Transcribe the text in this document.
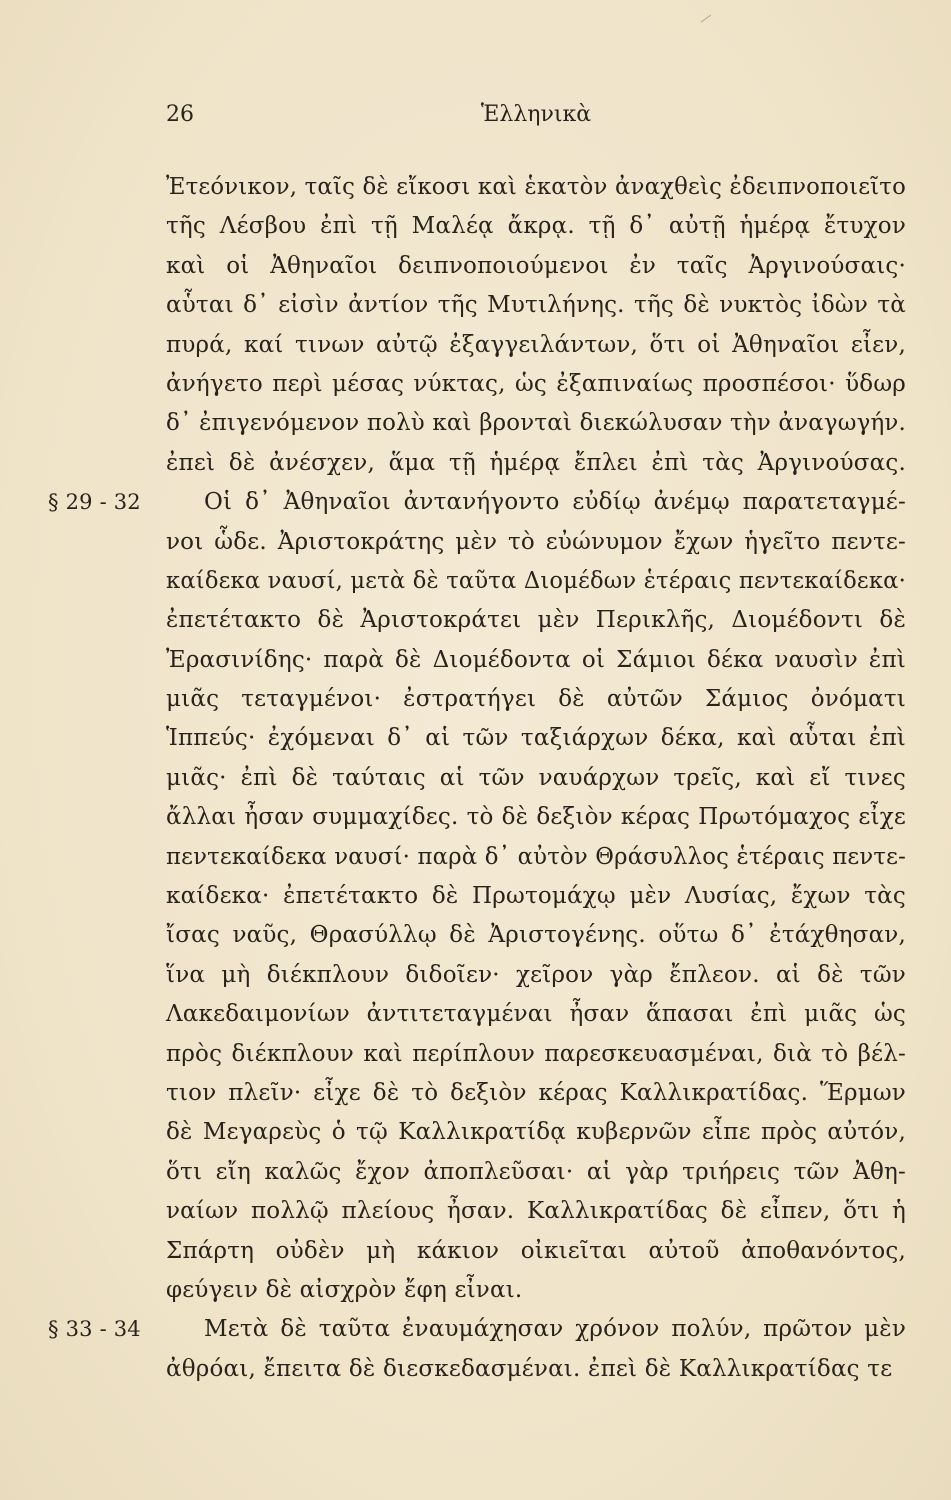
26	Ἑλληνικὰ
Ἐτεόνικον, ταῖς δὲ εἴκοσι καὶ ἑκατὸν ἀναχθεὶς ἐδειπνοποιεῖτο
τῆς Λέσβου ἐπὶ τῇ Μαλέᾳ ἄκρᾳ. τῇ δ᾽ αὐτῇ ἡμέρᾳ ἔτυχον
καὶ οἱ Ἀθηναῖοι δειπνοποιούμενοι ἐν ταῖς Ἀργινούσαις·
αὗται δ᾽ εἰσὶν ἀντίον τῆς Μυτιλήνης. τῆς δὲ νυκτὸς ἰδὼν τὰ
πυρά, καί τινων αὐτῷ ἐξαγγειλάντων, ὅτι οἱ Ἀθηναῖοι εἶεν,
ἀνήγετο περὶ μέσας νύκτας, ὡς ἐξαπιναίως προσπέσοι· ὕδωρ
δ᾽ ἐπιγενόμενον πολὺ καὶ βρονταὶ διεκώλυσαν τὴν ἀναγωγήν.
ἐπεὶ δὲ ἀνέσχεν, ἅμα τῇ ἡμέρᾳ ἔπλει ἐπὶ τὰς Ἀργινούσας.
§ 29 - 32	Οἱ δ᾽ Ἀθηναῖοι ἀντανήγοντο εὐδίῳ ἀνέμῳ παρατεταγμέ-
νοι ὧδε. Ἀριστοκράτης μὲν τὸ εὐώνυμον ἔχων ἡγεῖτο πεντε-
καίδεκα ναυσί, μετὰ δὲ ταῦτα Διομέδων ἑτέραις πεντεκαίδεκα·
ἐπετέτακτο δὲ Ἀριστοκράτει μὲν Περικλῆς, Διομέδοντι δὲ
Ἐρασινίδης· παρὰ δὲ Διομέδοντα οἱ Σάμιοι δέκα ναυσὶν ἐπὶ
μιᾶς τεταγμένοι· ἐστρατήγει δὲ αὐτῶν Σάμιος ὀνόματι
Ἱππεύς· ἐχόμεναι δ᾽ αἱ τῶν ταξιάρχων δέκα, καὶ αὗται ἐπὶ
μιᾶς· ἐπὶ δὲ ταύταις αἱ τῶν ναυάρχων τρεῖς, καὶ εἴ τινες
ἄλλαι ἦσαν συμμαχίδες. τὸ δὲ δεξιὸν κέρας Πρωτόμαχος εἶχε
πεντεκαίδεκα ναυσί· παρὰ δ᾽ αὐτὸν Θράσυλλος ἑτέραις πεντε-
καίδεκα· ἐπετέτακτο δὲ Πρωτομάχῳ μὲν Λυσίας, ἔχων τὰς
ἴσας ναῦς, Θρασύλλῳ δὲ Ἀριστογένης. οὕτω δ᾽ ἐτάχθησαν,
ἵνα μὴ διέκπλουν διδοῖεν· χεῖρον γὰρ ἔπλεον. αἱ δὲ τῶν
Λακεδαιμονίων ἀντιτεταγμέναι ἦσαν ἅπασαι ἐπὶ μιᾶς ὡς
πρὸς διέκπλουν καὶ περίπλουν παρεσκευασμέναι, διὰ τὸ βέλ-
τιον πλεῖν· εἶχε δὲ τὸ δεξιὸν κέρας Καλλικρατίδας. Ἕρμων
δὲ Μεγαρεὺς ὁ τῷ Καλλικρατίδᾳ κυβερνῶν εἶπε πρὸς αὐτόν,
ὅτι εἴη καλῶς ἔχον ἀποπλεῦσαι· αἱ γὰρ τριήρεις τῶν Ἀθη-
ναίων πολλῷ πλείους ἦσαν. Καλλικρατίδας δὲ εἶπεν, ὅτι ἡ
Σπάρτη οὐδὲν μὴ κάκιον οἰκιεῖται αὐτοῦ ἀποθανόντος,
φεύγειν δὲ αἰσχρὸν ἔφη εἶναι.
§ 33 - 34	Μετὰ δὲ ταῦτα ἐναυμάχησαν χρόνον πολύν, πρῶτον μὲν
ἀθρόαι, ἔπειτα δὲ διεσκεδασμέναι. ἐπεὶ δὲ Καλλικρατίδας τε
